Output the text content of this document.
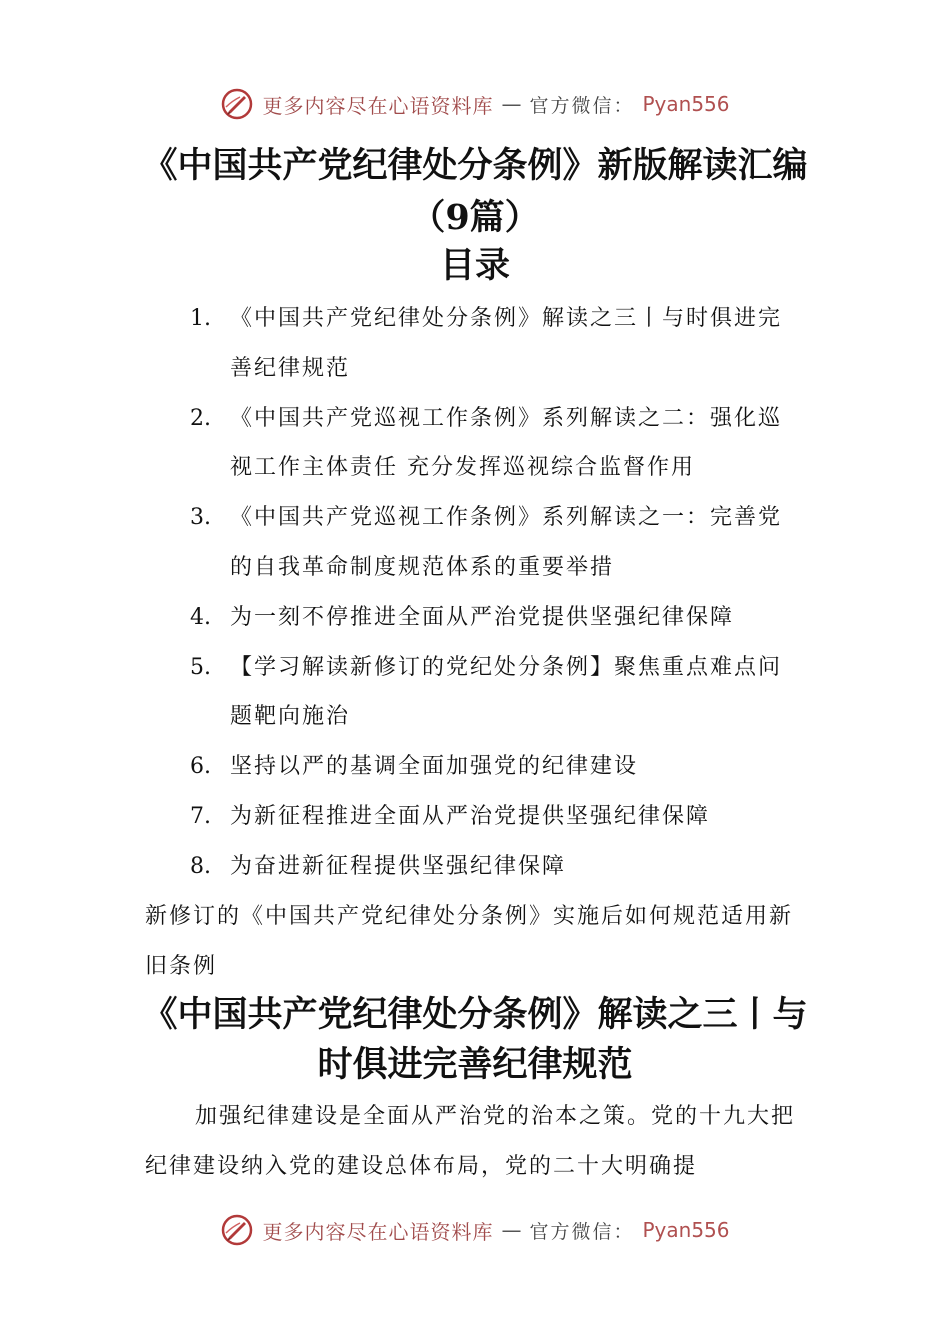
更多内容尽在心语资料库 — 官方微信： Pyan556
《中国共产党纪律处分条例》新版解读汇编（9篇）
目录
1. 《中国共产党纪律处分条例》解读之三丨与时俱进完善纪律规范
2. 《中国共产党巡视工作条例》系列解读之二：强化巡视工作主体责任 充分发挥巡视综合监督作用
3. 《中国共产党巡视工作条例》系列解读之一：完善党的自我革命制度规范体系的重要举措
4. 为一刻不停推进全面从严治党提供坚强纪律保障
5. 【学习解读新修订的党纪处分条例】聚焦重点难点问题靶向施治
6. 坚持以严的基调全面加强党的纪律建设
7. 为新征程推进全面从严治党提供坚强纪律保障
8. 为奋进新征程提供坚强纪律保障

新修订的《中国共产党纪律处分条例》实施后如何规范适用新旧条例

《中国共产党纪律处分条例》解读之三丨与时俱进完善纪律规范

加强纪律建设是全面从严治党的治本之策。党的十九大把纪律建设纳入党的建设总体布局，党的二十大明确提

更多内容尽在心语资料库 — 官方微信： Pyan556
